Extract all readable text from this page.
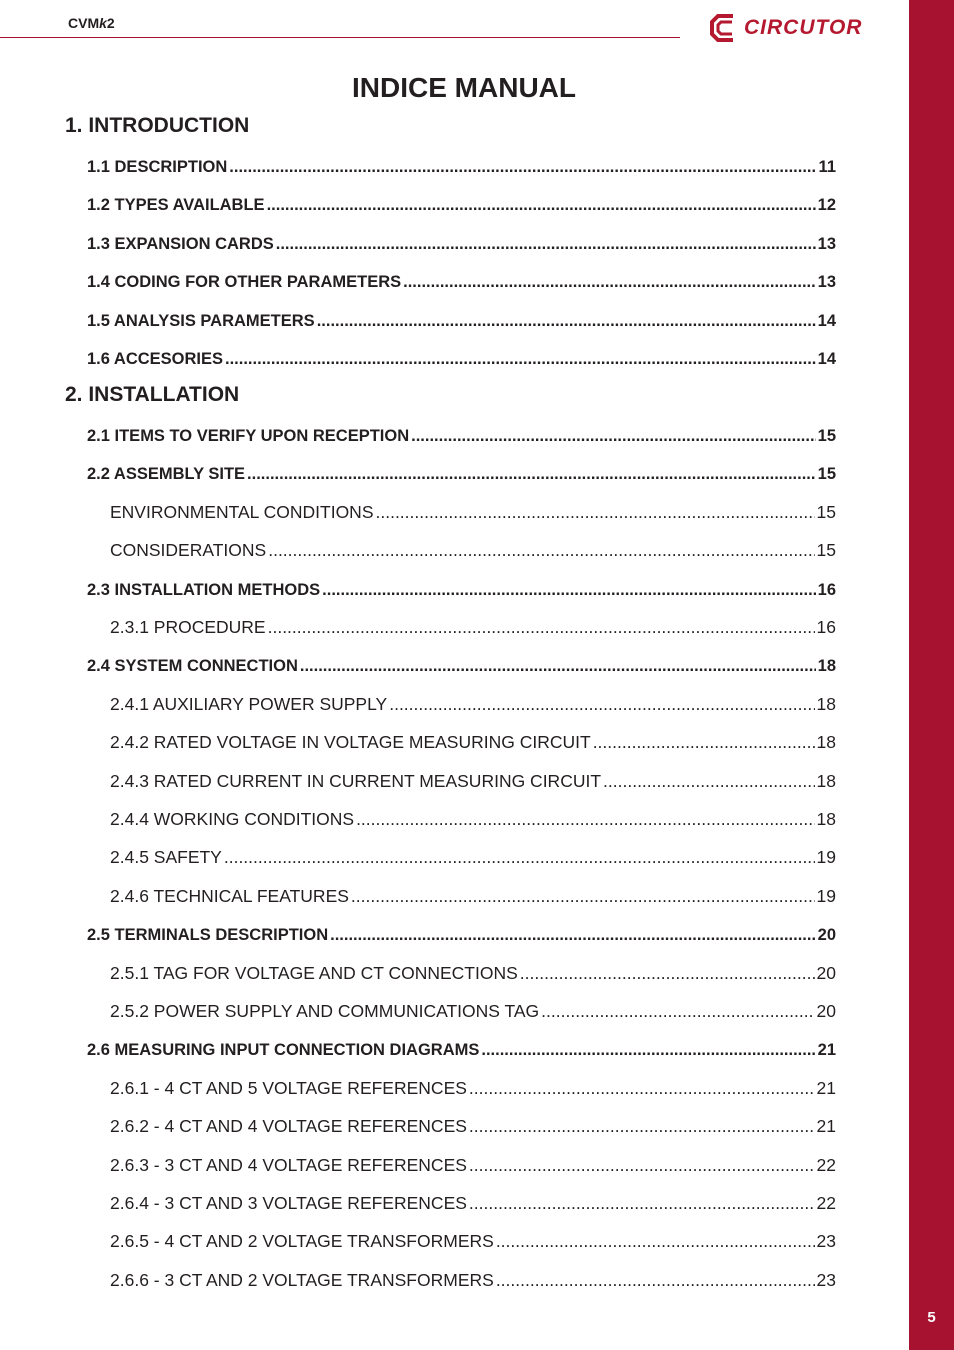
5
CVMk2	CIRCUTOR
INDICE MANUAL
1. INTRODUCTION
1.1 DESCRIPTION .....	11
1.2 TYPES AVAILABLE .....	12
1.3 EXPANSION CARDS .....	13
1.4 CODING FOR OTHER PARAMETERS .....	13
1.5 ANALYSIS PARAMETERS .....	14
1.6 ACCESORIES .....	14
2. INSTALLATION
2.1 ITEMS TO VERIFY UPON RECEPTION .....	15
2.2 ASSEMBLY SITE .....	15
ENVIRONMENTAL CONDITIONS .....	15
CONSIDERATIONS .....	15
2.3 INSTALLATION METHODS .....	16
2.3.1 PROCEDURE .....	16
2.4 SYSTEM CONNECTION .....	18
2.4.1 AUXILIARY POWER SUPPLY .....	18
2.4.2 RATED VOLTAGE IN VOLTAGE MEASURING CIRCUIT .....	18
2.4.3 RATED CURRENT IN CURRENT MEASURING CIRCUIT .....	18
2.4.4 WORKING CONDITIONS .....	18
2.4.5 SAFETY .....	19
2.4.6 TECHNICAL FEATURES .....	19
2.5 TERMINALS DESCRIPTION .....	20
2.5.1 TAG FOR VOLTAGE AND CT CONNECTIONS .....	20
2.5.2 POWER SUPPLY AND COMMUNICATIONS TAG .....	20
2.6 MEASURING INPUT CONNECTION DIAGRAMS .....	21
2.6.1 - 4 CT AND 5 VOLTAGE REFERENCES .....	21
2.6.2 - 4 CT AND 4 VOLTAGE REFERENCES .....	21
2.6.3 - 3 CT AND 4 VOLTAGE REFERENCES .....	22
2.6.4 - 3 CT AND 3 VOLTAGE REFERENCES .....	22
2.6.5 - 4 CT AND 2 VOLTAGE TRANSFORMERS .....	23
2.6.6 - 3 CT AND 2 VOLTAGE TRANSFORMERS .....	23
